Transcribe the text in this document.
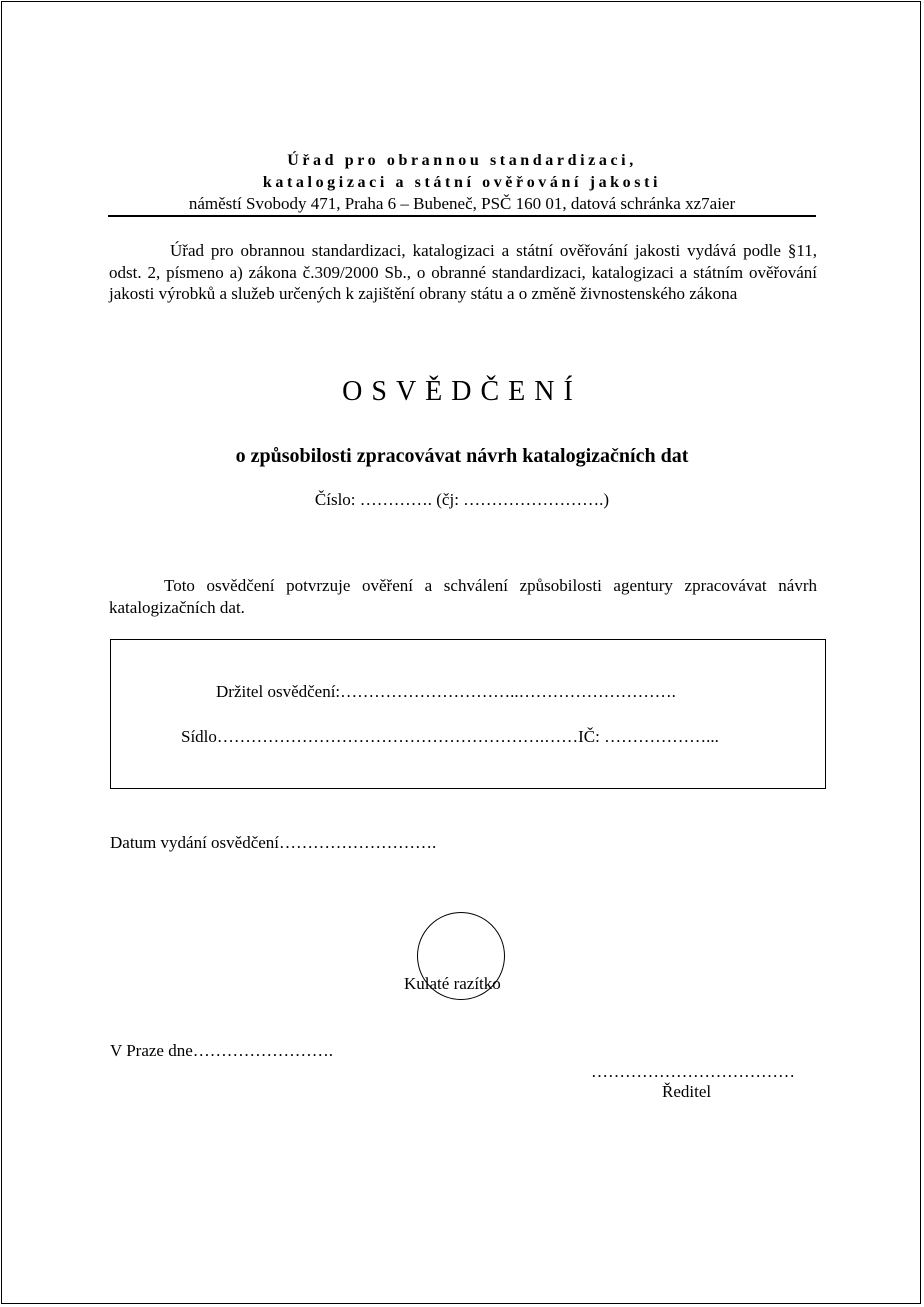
Úřad pro obrannou standardizaci,
katalogizaci a státní ověřování jakosti
náměstí Svobody 471, Praha 6 – Bubeneč, PSČ 160 01, datová schránka xz7aier
Úřad pro obrannou standardizaci, katalogizaci a státní ověřování jakosti vydává podle §11, odst. 2, písmeno a) zákona č.309/2000 Sb., o obranné standardizaci, katalogizaci a státním ověřování jakosti výrobků a služeb určených k zajištění obrany státu a o změně živnostenského zákona
OSVĚDČENÍ
o způsobilosti zpracovávat návrh katalogizačních dat
Číslo: …………. (čj: …………………….)
Toto osvědčení potvrzuje ověření a schválení způsobilosti agentury zpracovávat návrh katalogizačních dat.
Držitel osvědčení:…………………………..……………………….
Sídlo………………………………………………….……IČ: ………………...
Datum vydání osvědčení……………………….
Kulaté razítko
V Praze dne…………………….
………………………………
Ředitel
